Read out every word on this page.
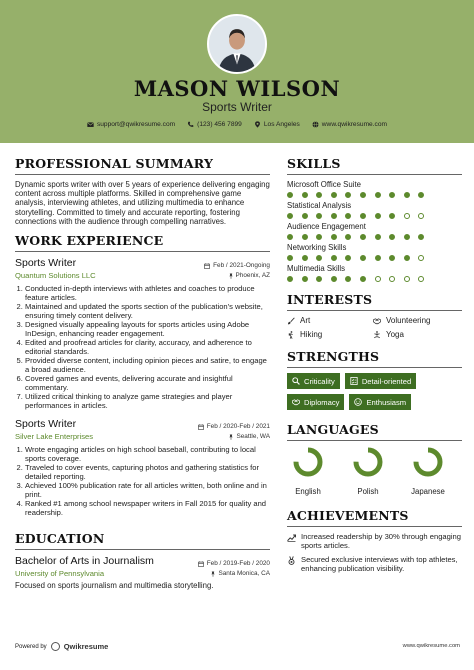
MASON WILSON
Sports Writer
support@qwikresume.com	(123) 456 7899	Los Angeles	www.qwikresume.com
PROFESSIONAL SUMMARY
Dynamic sports writer with over 5 years of experience delivering engaging content across multiple platforms. Skilled in comprehensive game analysis, interviewing athletes, and utilizing multimedia to enhance storytelling. Committed to timely and accurate reporting, fostering connections with the audience through compelling narratives.
WORK EXPERIENCE
Sports Writer	Feb / 2021-Ongoing
Quantum Solutions LLC	Phoenix, AZ
1. Conducted in-depth interviews with athletes and coaches to produce feature articles.
2. Maintained and updated the sports section of the publication's website, ensuring timely content delivery.
3. Designed visually appealing layouts for sports articles using Adobe InDesign, enhancing reader engagement.
4. Edited and proofread articles for clarity, accuracy, and adherence to editorial standards.
5. Provided diverse content, including opinion pieces and satire, to engage a broad audience.
6. Covered games and events, delivering accurate and insightful commentary.
7. Utilized critical thinking to analyze game strategies and player performances in articles.
Sports Writer	Feb / 2020-Feb / 2021
Silver Lake Enterprises	Seattle, WA
1. Wrote engaging articles on high school baseball, contributing to local sports coverage.
2. Traveled to cover events, capturing photos and gathering statistics for detailed reporting.
3. Achieved 100% publication rate for all articles written, both online and in print.
4. Ranked #1 among school newspaper writers in Fall 2015 for quality and readership.
EDUCATION
Bachelor of Arts in Journalism	Feb / 2019-Feb / 2020
University of Pennsylvania	Santa Monica, CA
Focused on sports journalism and multimedia storytelling.
SKILLS
Microsoft Office Suite
Statistical Analysis
Audience Engagement
Networking Skills
Multimedia Skills
INTERESTS
Art	Volunteering
Hiking	Yoga
STRENGTHS
Criticality	Detail-oriented
Diplomacy	Enthusiasm
LANGUAGES
English	Polish	Japanese
ACHIEVEMENTS
Increased readership by 30% through engaging sports articles.
Secured exclusive interviews with top athletes, enhancing publication visibility.
Powered by Qwikresume	www.qwikresume.com
